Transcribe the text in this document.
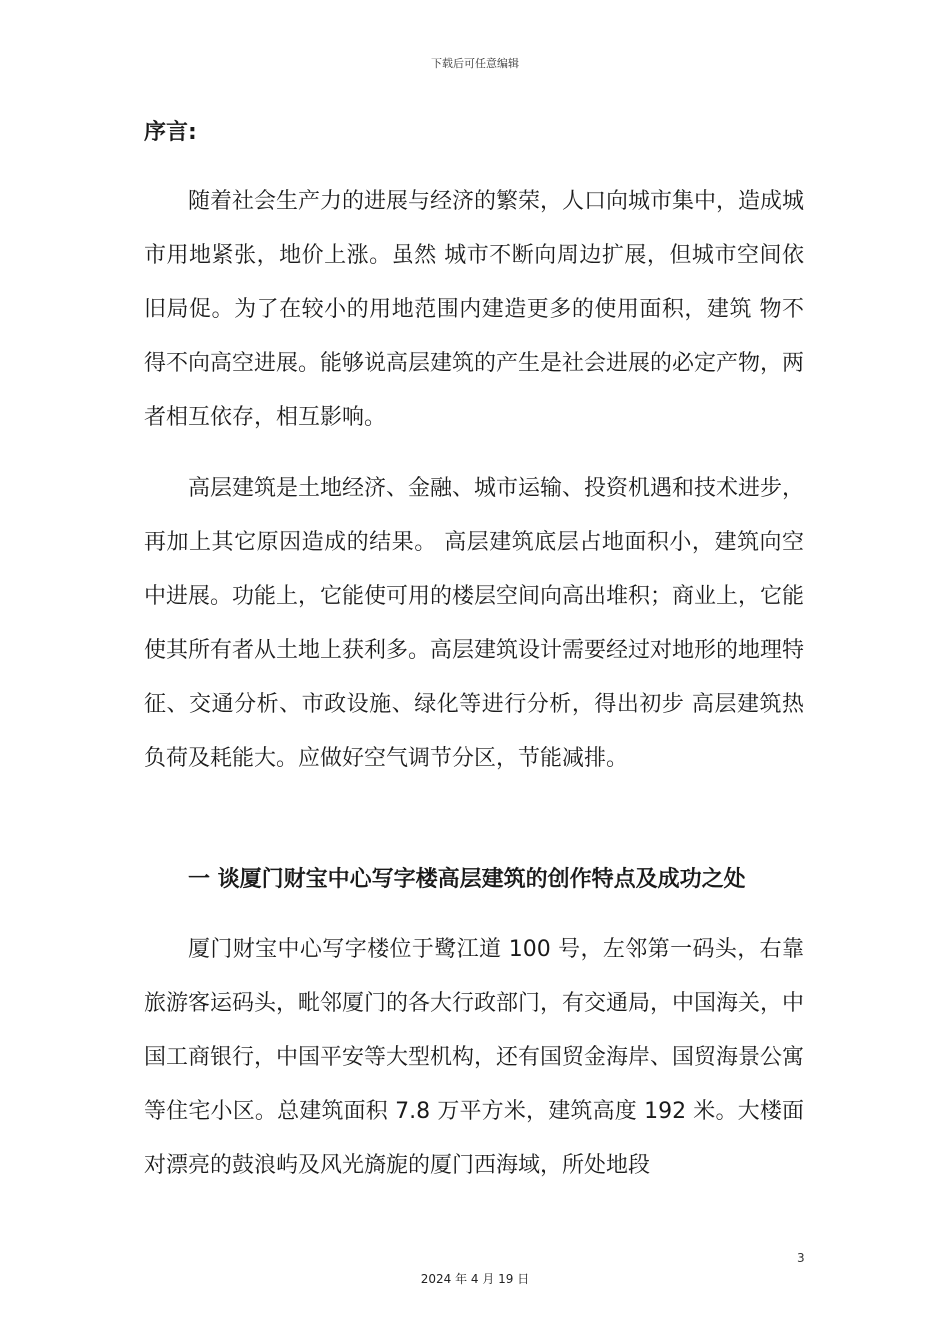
下载后可任意编辑
序言:

随着社会生产力的进展与经济的繁荣，人口向城市集中，造成城市用地紧张，地价上涨。虽然 城市不断向周边扩展，但城市空间依旧局促。为了在较小的用地范围内建造更多的使用面积，建筑 物不得不向高空进展。能够说高层建筑的产生是社会进展的必定产物，两者相互依存，相互影响。

高层建筑是土地经济、金融、城市运输、投资机遇和技术进步，再加上其它原因造成的结果。 高层建筑底层占地面积小，建筑向空中进展。功能上，它能使可用的楼层空间向高出堆积；商业上，它能使其所有者从土地上获利多。高层建筑设计需要经过对地形的地理特征、交通分析、市政设施、绿化等进行分析，得出初步 高层建筑热负荷及耗能大。应做好空气调节分区，节能减排。

一 谈厦门财宝中心写字楼高层建筑的创作特点及成功之处

厦门财宝中心写字楼位于鹭江道 100 号，左邻第一码头，右靠旅游客运码头，毗邻厦门的各大行政部门，有交通局，中国海关，中国工商银行，中国平安等大型机构，还有国贸金海岸、国贸海景公寓等住宅小区。总建筑面积 7.8 万平方米，建筑高度 192 米。大楼面对漂亮的鼓浪屿及风光旖旎的厦门西海域，所处地段

3
2024 年 4 月 19 日
